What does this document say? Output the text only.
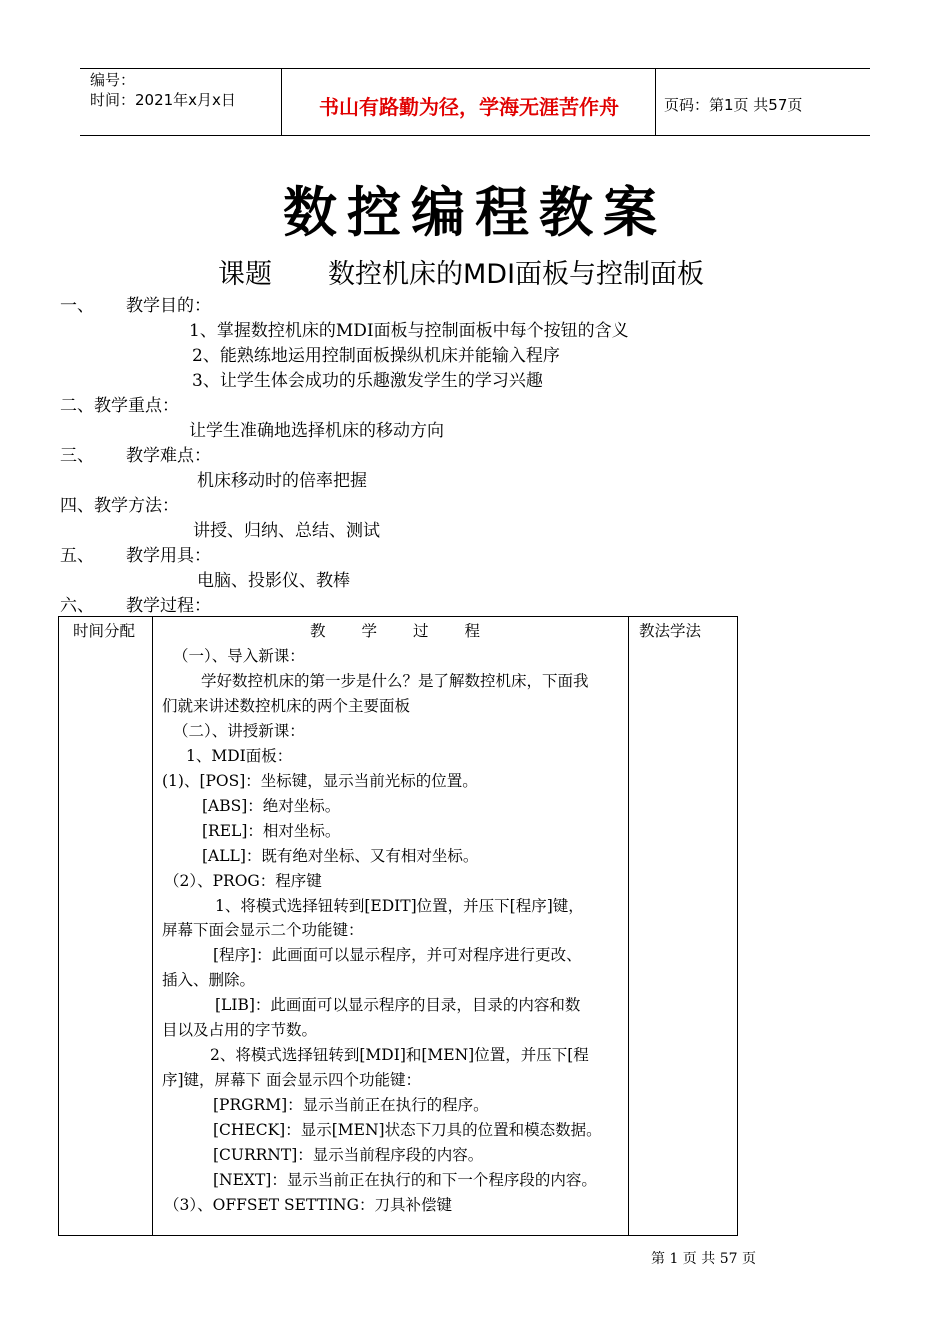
编号：
时间：2021年x月x日	书山有路勤为径，学海无涯苦作舟	页码：第1页 共57页
数控编程教案
课题 数控机床的MDI面板与控制面板
一、 教学目的：
1、掌握数控机床的MDI面板与控制面板中每个按钮的含义
2、能熟练地运用控制面板操纵机床并能输入程序
3、让学生体会成功的乐趣激发学生的学习兴趣
二、教学重点：
让学生准确地选择机床的移动方向
三、 教学难点：
机床移动时的倍率把握
四、教学方法：
讲授、归纳、总结、测试
五、 教学用具：
电脑、投影仪、教棒
六、 教学过程：
时间分配	教学过程	教法学法
（一）、导入新课：
学好数控机床的第一步是什么？是了解数控机床，下面我
们就来讲述数控机床的两个主要面板
（二）、讲授新课：
1、MDI面板：
(1)、[POS]：坐标键，显示当前光标的位置。
[ABS]：绝对坐标。
[REL]：相对坐标。
[ALL]：既有绝对坐标、又有相对坐标。
（2）、PROG：程序键
1、将模式选择钮转到[EDIT]位置，并压下[程序]键，
屏幕下面会显示二个功能键：
[程序]：此画面可以显示程序，并可对程序进行更改、
插入、删除。
[LIB]：此画面可以显示程序的目录，目录的内容和数
目以及占用的字节数。
2、将模式选择钮转到[MDI]和[MEN]位置，并压下[程
序]键，屏幕下 面会显示四个功能键：
[PRGRM]：显示当前正在执行的程序。
[CHECK]：显示[MEN]状态下刀具的位置和模态数据。
[CURRNT]：显示当前程序段的内容。
[NEXT]：显示当前正在执行的和下一个程序段的内容。
（3）、OFFSET SETTING：刀具补偿键
第 1 页 共 57 页
